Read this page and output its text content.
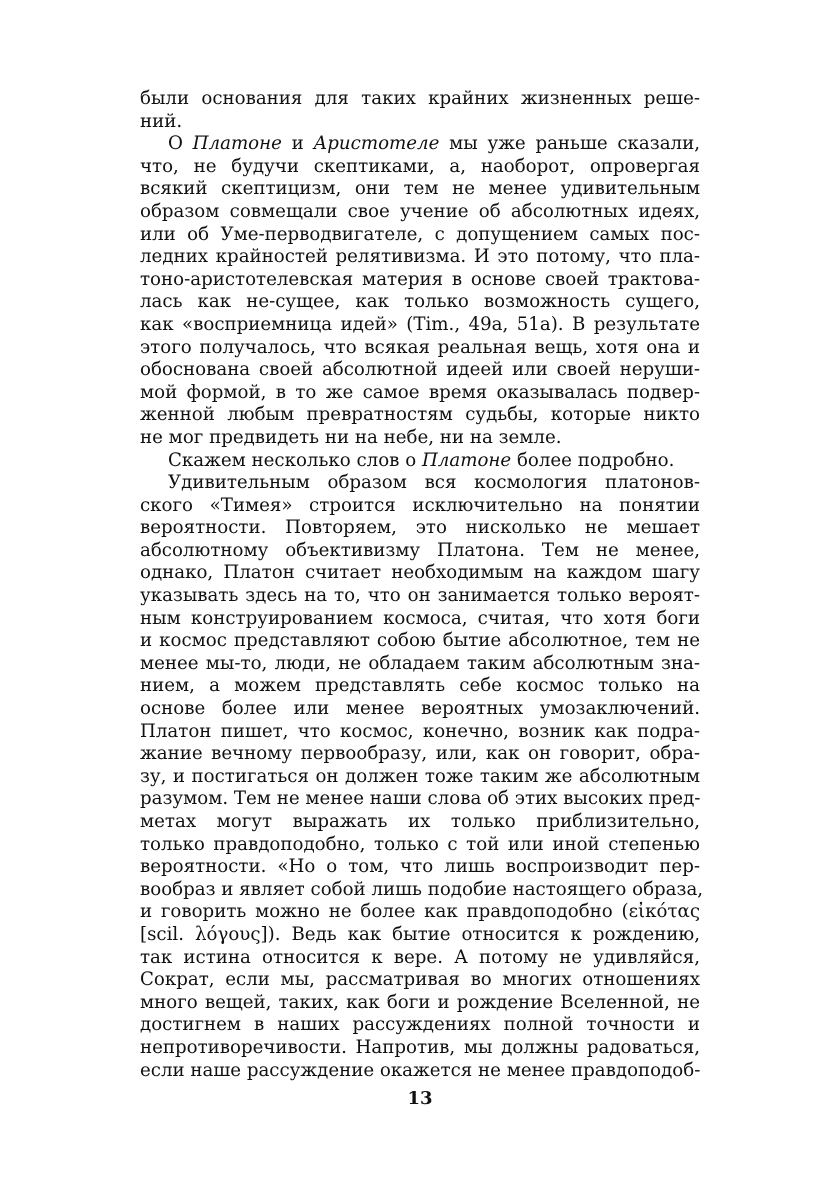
были основания для таких крайних жизненных реше-
ний.
О Платоне и Аристотеле мы уже раньше сказали,
что, не будучи скептиками, а, наоборот, опровергая
всякий скептицизм, они тем не менее удивительным
образом совмещали свое учение об абсолютных идеях,
или об Уме-перводвигателе, с допущением самых пос-
ледних крайностей релятивизма. И это потому, что пла-
тоно-аристотелевская материя в основе своей трактова-
лась как не-сущее, как только возможность сущего,
как «восприемница идей» (Tim., 49a, 51a). В результате
этого получалось, что всякая реальная вещь, хотя она и
обоснована своей абсолютной идеей или своей неруши-
мой формой, в то же самое время оказывалась подвер-
женной любым превратностям судьбы, которые никто
не мог предвидеть ни на небе, ни на земле.
Скажем несколько слов о Платоне более подробно.
Удивительным образом вся космология платонов-
ского «Тимея» строится исключительно на понятии
вероятности. Повторяем, это нисколько не мешает
абсолютному объективизму Платона. Тем не менее,
однако, Платон считает необходимым на каждом шагу
указывать здесь на то, что он занимается только вероят-
ным конструированием космоса, считая, что хотя боги
и космос представляют собою бытие абсолютное, тем не
менее мы-то, люди, не обладаем таким абсолютным зна-
нием, а можем представлять себе космос только на
основе более или менее вероятных умозаключений.
Платон пишет, что космос, конечно, возник как подра-
жание вечному первообразу, или, как он говорит, обра-
зу, и постигаться он должен тоже таким же абсолютным
разумом. Тем не менее наши слова об этих высоких пред-
метах могут выражать их только приблизительно,
только правдоподобно, только с той или иной степенью
вероятности. «Но о том, что лишь воспроизводит пер-
вообраз и являет собой лишь подобие настоящего образа,
и говорить можно не более как правдоподобно (εἰκότας
[scil. λόγους]). Ведь как бытие относится к рождению,
так истина относится к вере. А потому не удивляйся,
Сократ, если мы, рассматривая во многих отношениях
много вещей, таких, как боги и рождение Вселенной, не
достигнем в наших рассуждениях полной точности и
непротиворечивости. Напротив, мы должны радоваться,
если наше рассуждение окажется не менее правдоподоб-
13
